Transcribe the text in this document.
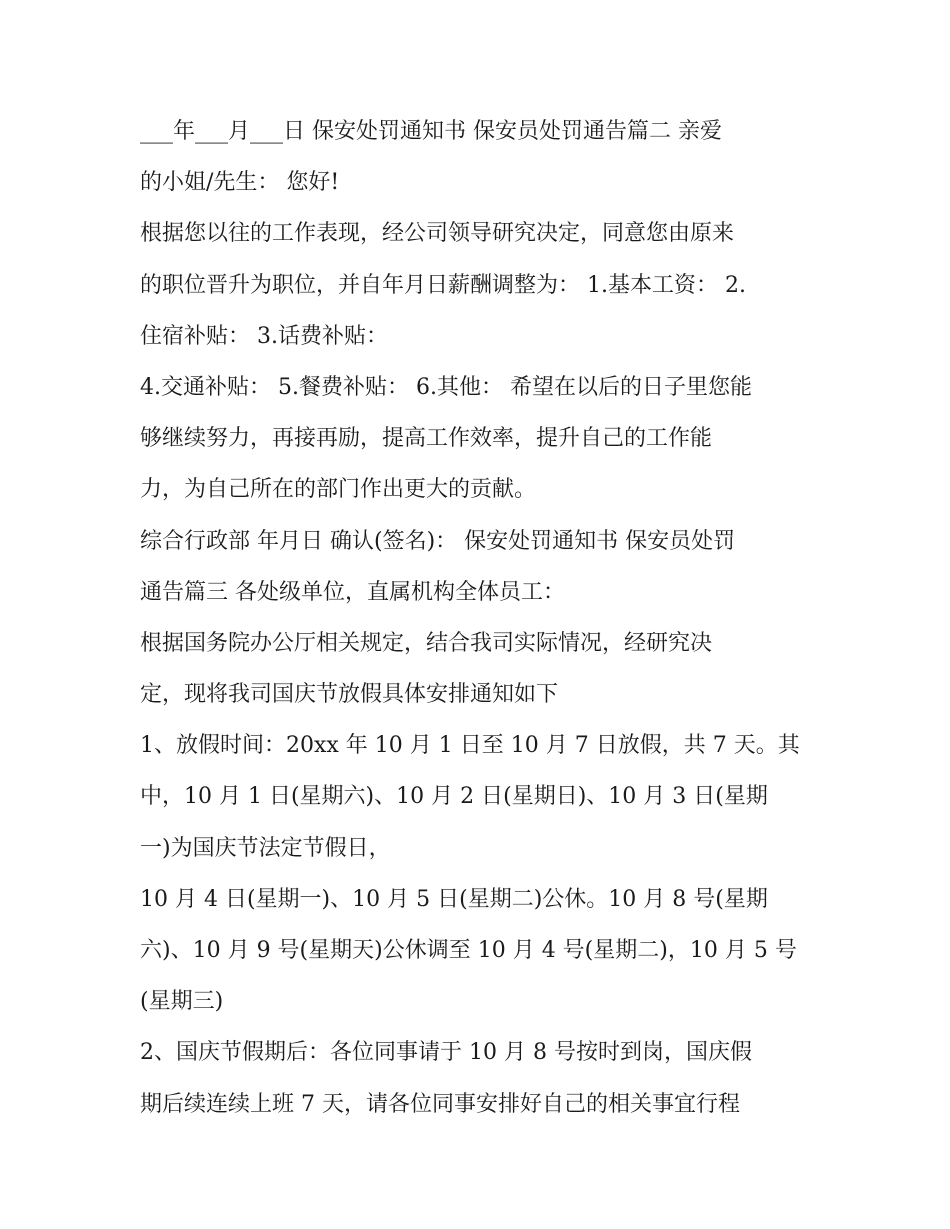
___年___月___日 保安处罚通知书 保安员处罚通告篇二 亲爱
的小姐/先生： 您好!
根据您以往的工作表现，经公司领导研究决定，同意您由原来
的职位晋升为职位，并自年月日薪酬调整为： 1.基本工资： 2.
住宿补贴： 3.话费补贴：
4.交通补贴： 5.餐费补贴： 6.其他： 希望在以后的日子里您能
够继续努力，再接再励，提高工作效率，提升自己的工作能
力，为自己所在的部门作出更大的贡献。
综合行政部 年月日 确认(签名)： 保安处罚通知书 保安员处罚
通告篇三 各处级单位，直属机构全体员工：
根据国务院办公厅相关规定，结合我司实际情况，经研究决
定，现将我司国庆节放假具体安排通知如下
1、放假时间：20xx 年 10 月 1 日至 10 月 7 日放假，共 7 天。其
中，10 月 1 日(星期六)、10 月 2 日(星期日)、10 月 3 日(星期
一)为国庆节法定节假日，
10 月 4 日(星期一)、10 月 5 日(星期二)公休。10 月 8 号(星期
六)、10 月 9 号(星期天)公休调至 10 月 4 号(星期二)，10 月 5 号
(星期三)
2、国庆节假期后：各位同事请于 10 月 8 号按时到岗，国庆假
期后续连续上班 7 天，请各位同事安排好自己的相关事宜行程
